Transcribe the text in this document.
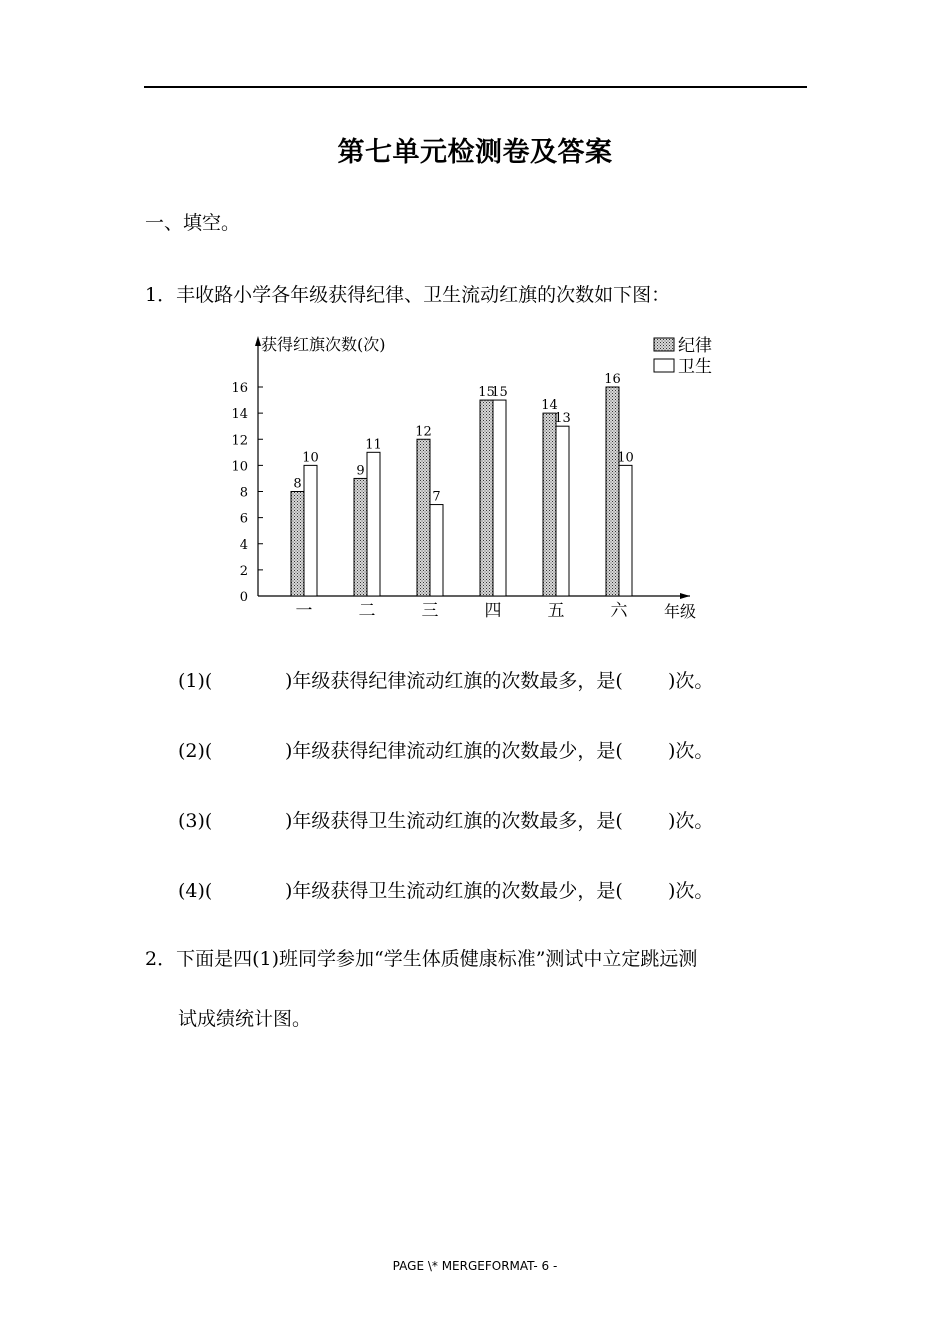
第七单元检测卷及答案
一、填空。
1．丰收路小学各年级获得纪律、卫生流动红旗的次数如下图：
获得红旗次数(次)
年级
0
2
4
6
8
10
12
14
16
8
10
9
11
12
7
15
15
14
13
16
10
一	二	三	四	五	六
纪律
卫生
(1)(	)年级获得纪律流动红旗的次数最多，是( )次。
(2)(	)年级获得纪律流动红旗的次数最少，是( )次。
(3)(	)年级获得卫生流动红旗的次数最多，是( )次。
(4)(	)年级获得卫生流动红旗的次数最少，是( )次。
2．下面是四(1)班同学参加“学生体质健康标准”测试中立定跳远测
试成绩统计图。
PAGE \* MERGEFORMAT- 6 -
